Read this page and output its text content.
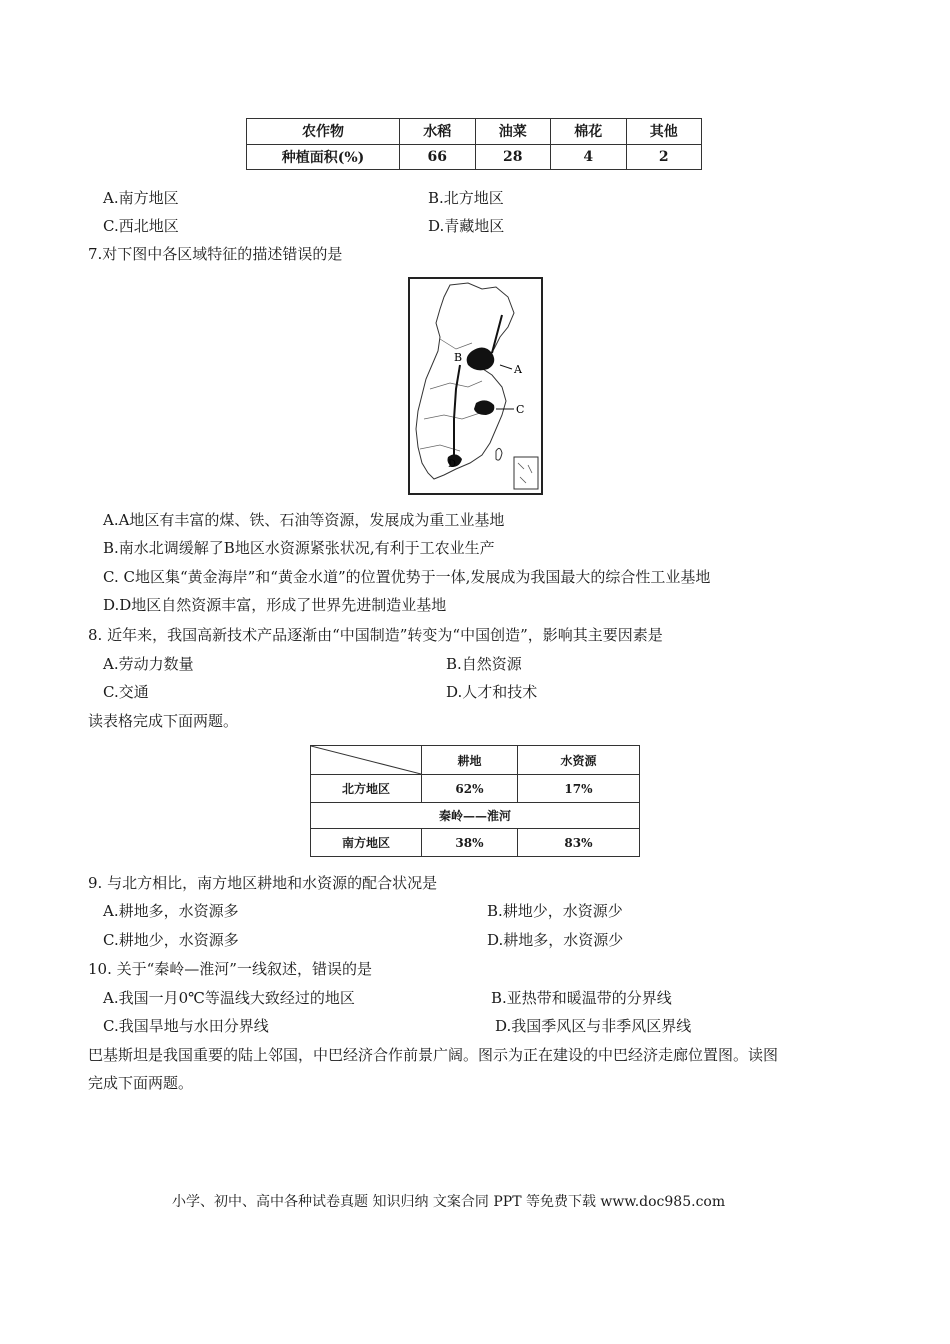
农作物	水稻	油菜	棉花	其他
种植面积(%)	66	28	4	2
A.南方地区	B.北方地区
C.西北地区	D.青藏地区
7.对下图中各区域特征的描述错误的是
A
B
C
D
A.A地区有丰富的煤、铁、石油等资源，发展成为重工业基地
B.南水北调缓解了B地区水资源紧张状况,有利于工农业生产
C. C地区集“黄金海岸”和“黄金水道”的位置优势于一体,发展成为我国最大的综合性工业基地
D.D地区自然资源丰富，形成了世界先进制造业基地
8. 近年来，我国高新技术产品逐渐由“中国制造”转变为“中国创造”，影响其主要因素是
A.劳动力数量	B.自然资源
C.交通	D.人才和技术
读表格完成下面两题。
	耕地	水资源
北方地区	62%	17%
秦岭——淮河		
南方地区	38%	83%
9. 与北方相比，南方地区耕地和水资源的配合状况是
A.耕地多，水资源多	B.耕地少，水资源少
C.耕地少，水资源多	D.耕地多，水资源少
10. 关于“秦岭—淮河”一线叙述，错误的是
A.我国一月0℃等温线大致经过的地区	B.亚热带和暖温带的分界线
C.我国旱地与水田分界线	D.我国季风区与非季风区界线
巴基斯坦是我国重要的陆上邻国，中巴经济合作前景广阔。图示为正在建设的中巴经济走廊位置图。读图
完成下面两题。
小学、初中、高中各种试卷真题 知识归纳 文案合同 PPT 等免费下载 www.doc985.com
